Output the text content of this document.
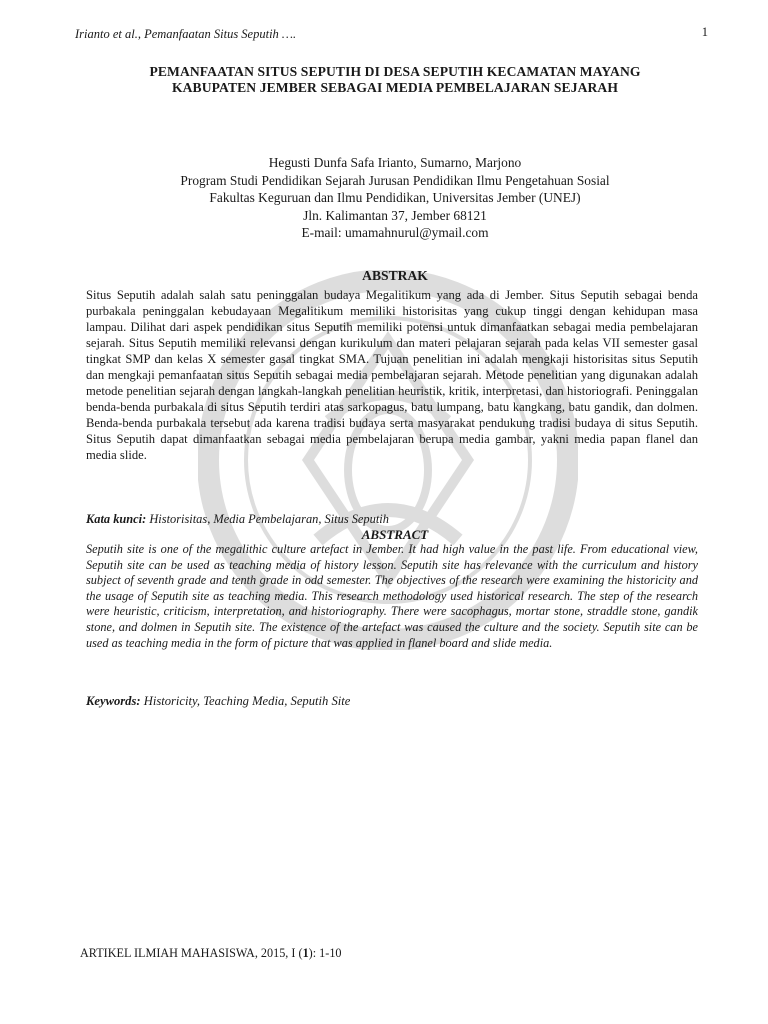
Irianto et al., Pemanfaatan Situs Seputih ….	1
PEMANFAATAN SITUS SEPUTIH DI DESA SEPUTIH KECAMATAN MAYANG
KABUPATEN JEMBER SEBAGAI MEDIA PEMBELAJARAN SEJARAH
Hegusti Dunfa Safa Irianto, Sumarno, Marjono
Program Studi Pendidikan Sejarah Jurusan Pendidikan Ilmu Pengetahuan Sosial
Fakultas Keguruan dan Ilmu Pendidikan, Universitas Jember (UNEJ)
Jln. Kalimantan 37, Jember 68121
E-mail: umamahnurul@ymail.com
ABSTRAK
Situs Seputih adalah salah satu peninggalan budaya Megalitikum yang ada di Jember. Situs Seputih sebagai benda purbakala peninggalan kebudayaan Megalitikum memiliki historisitas yang cukup tinggi dengan kehidupan masa lampau. Dilihat dari aspek pendidikan situs Seputih memiliki potensi untuk dimanfaatkan sebagai media pembelajaran sejarah. Situs Seputih memiliki relevansi dengan kurikulum dan materi pelajaran sejarah pada kelas VII semester gasal tingkat SMP dan kelas X semester gasal tingkat SMA. Tujuan penelitian ini adalah mengkaji historisitas situs Seputih dan mengkaji pemanfaatan situs Seputih sebagai media pembelajaran sejarah. Metode penelitian yang digunakan adalah metode penelitian sejarah dengan langkah-langkah penelitian heuristik, kritik, interpretasi, dan historiografi. Peninggalan benda-benda purbakala di situs Seputih terdiri atas sarkopagus, batu lumpang, batu kangkang, batu gandik, dan dolmen. Benda-benda purbakala tersebut ada karena tradisi budaya serta masyarakat pendukung tradisi budaya di situs Seputih. Situs Seputih dapat dimanfaatkan sebagai media pembelajaran berupa media gambar, yakni media papan flanel dan media slide.
Kata kunci: Historisitas, Media Pembelajaran, Situs Seputih
ABSTRACT
Seputih site is one of the megalithic culture artefact in Jember. It had high value in the past life. From educational view, Seputih site can be used as teaching media of history lesson. Seputih site has relevance with the curriculum and history subject of seventh grade and tenth grade in odd semester. The objectives of the research were examining the historicity and the usage of Seputih site as teaching media. This research methodology used historical research. The step of the research were heuristic, criticism, interpretation, and historiography. There were sacophagus, mortar stone, straddle stone, gandik stone, and dolmen in Seputih site. The existence of the artefact was caused the culture and the society. Seputih site can be used as teaching media in the form of picture that was applied in flanel board and slide media.
Keywords: Historicity, Teaching Media, Seputih Site
ARTIKEL ILMIAH MAHASISWA, 2015, I (1): 1-10
